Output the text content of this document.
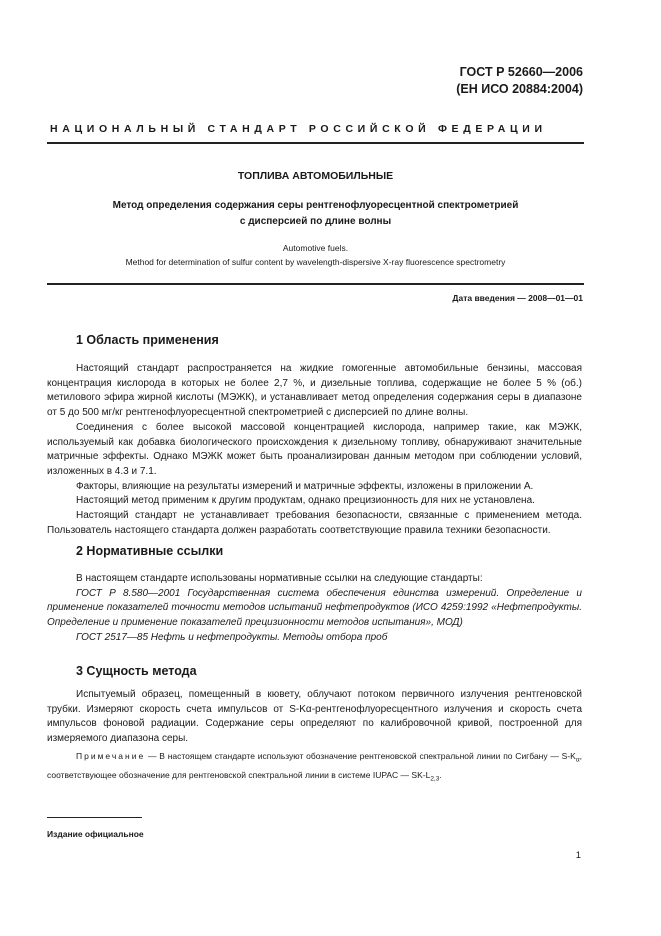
ГОСТ Р 52660—2006
(ЕН ИСО 20884:2004)
НАЦИОНАЛЬНЫЙ СТАНДАРТ РОССИЙСКОЙ ФЕДЕРАЦИИ
ТОПЛИВА АВТОМОБИЛЬНЫЕ
Метод определения содержания серы рентгенофлуоресцентной спектрометрией
с дисперсией по длине волны
Automotive fuels.
Method for determination of sulfur content by wavelength-dispersive X-ray fluorescence spectrometry
Дата введения — 2008—01—01
1 Область применения

Настоящий стандарт распространяется на жидкие гомогенные автомобильные бензины, массовая концентрация кислорода в которых не более 2,7 %, и дизельные топлива, содержащие не более 5 % (об.) метилового эфира жирной кислоты (МЭЖК), и устанавливает метод определения содержания серы в диапазоне от 5 до 500 мг/кг рентгенофлуоресцентной спектрометрией с дисперсией по длине волны.

Соединения с более высокой массовой концентрацией кислорода, например такие, как МЭЖК, используемый как добавка биологического происхождения к дизельному топливу, обнаруживают значительные матричные эффекты. Однако МЭЖК может быть проанализирован данным методом при соблюдении условий, изложенных в 4.3 и 7.1.

Факторы, влияющие на результаты измерений и матричные эффекты, изложены в приложении А.

Настоящий метод применим к другим продуктам, однако прецизионность для них не установлена.

Настоящий стандарт не устанавливает требования безопасности, связанные с применением метода. Пользователь настоящего стандарта должен разработать соответствующие правила техники безопасности.

2 Нормативные ссылки

В настоящем стандарте использованы нормативные ссылки на следующие стандарты:

ГОСТ Р 8.580—2001 Государственная система обеспечения единства измерений. Определение и применение показателей точности методов испытаний нефтепродуктов (ИСО 4259:1992 «Нефтепродукты. Определение и применение показателей прецизионности методов испытания», МОД)

ГОСТ 2517—85 Нефть и нефтепродукты. Методы отбора проб

3 Сущность метода

Испытуемый образец, помещенный в кювету, облучают потоком первичного излучения рентгеновской трубки. Измеряют скорость счета импульсов от S-Kα-рентгенофлуоресцентного излучения и скорость счета импульсов фоновой радиации. Содержание серы определяют по калибровочной кривой, построенной для измеряемого диапазона серы.

Примечание — В настоящем стандарте используют обозначение рентгеновской спектральной линии по Сигбану — $S-K_\alpha$, соответствующее обозначение для рентгеновской спектральной линии в системе IUPAC — $SK-L_{2,3}$.

Издание официальное
1
